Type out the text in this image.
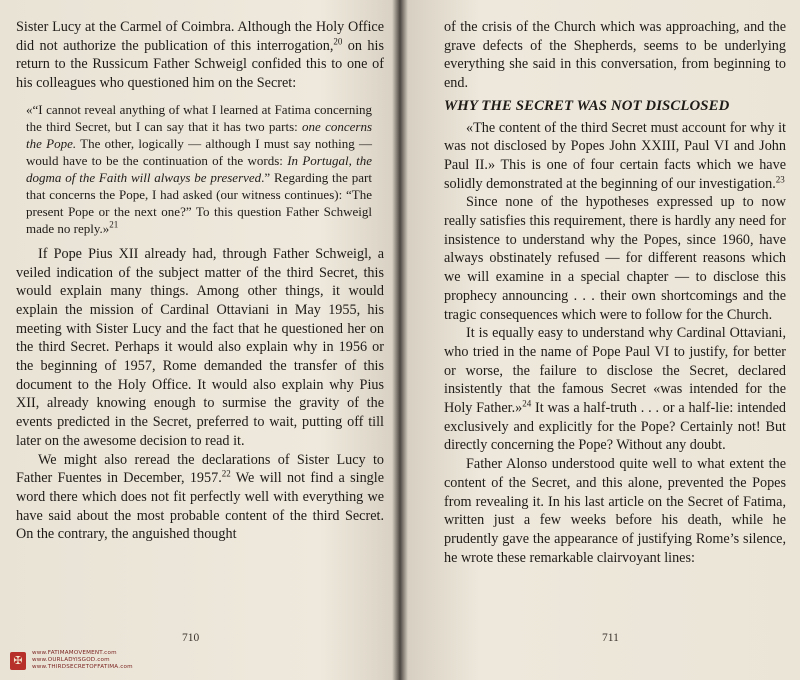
Sister Lucy at the Carmel of Coimbra. Although the Holy Office did not authorize the publication of this interrogation,$^{20}$ on his return to the Russicum Father Schweigl confided this to one of his colleagues who questioned him on the Secret:

«“I cannot reveal anything of what I learned at Fatima concerning the third Secret, but I can say that it has two parts: one concerns the Pope. The other, logically — although I must say nothing — would have to be the continuation of the words: In Portugal, the dogma of the Faith will always be preserved.” Regarding the part that concerns the Pope, I had asked (our witness continues): “The present Pope or the next one?” To this question Father Schweigl made no reply.»$^{21}$

If Pope Pius XII already had, through Father Schweigl, a veiled indication of the subject matter of the third Secret, this would explain many things. Among other things, it would explain the mission of Cardinal Ottaviani in May 1955, his meeting with Sister Lucy and the fact that he questioned her on the third Secret. Perhaps it would also explain why in 1956 or the beginning of 1957, Rome demanded the transfer of this document to the Holy Office. It would also explain why Pius XII, already knowing enough to surmise the gravity of the events predicted in the Secret, preferred to wait, putting off till later on the awesome decision to read it.

We might also reread the declarations of Sister Lucy to Father Fuentes in December, 1957.22 We will not find a single word there which does not fit perfectly well with everything we have said about the most probable content of the third Secret. On the contrary, the anguished thought

710

of the crisis of the Church which was approaching, and the grave defects of the Shepherds, seems to be underlying everything she said in this conversation, from beginning to end.

WHY THE SECRET WAS NOT DISCLOSED

«The content of the third Secret must account for why it was not disclosed by Popes John XXIII, Paul VI and John Paul II.» This is one of four certain facts which we have solidly demonstrated at the beginning of our investigation.$^{23}$

Since none of the hypotheses expressed up to now really satisfies this requirement, there is hardly any need for insistence to understand why the Popes, since 1960, have always obstinately refused — for different reasons which we will examine in a special chapter — to disclose this prophecy announcing . . . their own shortcomings and the tragic consequences which were to follow for the Church.

It is equally easy to understand why Cardinal Ottaviani, who tried in the name of Pope Paul VI to justify, for better or worse, the failure to disclose the Secret, declared insistently that the famous Secret «was intended for the Holy Father.»$^{24}$ It was a half-truth . . . or a half-lie: intended exclusively and explicitly for the Pope? Certainly not! But directly concerning the Pope? Without any doubt.

Father Alonso understood quite well to what extent the content of the Secret, and this alone, prevented the Popes from revealing it. In his last article on the Secret of Fatima, written just a few weeks before his death, while he prudently gave the appearance of justifying Rome’s silence, he wrote these remarkable clairvoyant lines:

711
✠
www.FATIMAMOVEMENT.com
www.OURLADYISGOD.com
www.THIRDSECRETOFFATIMA.com
